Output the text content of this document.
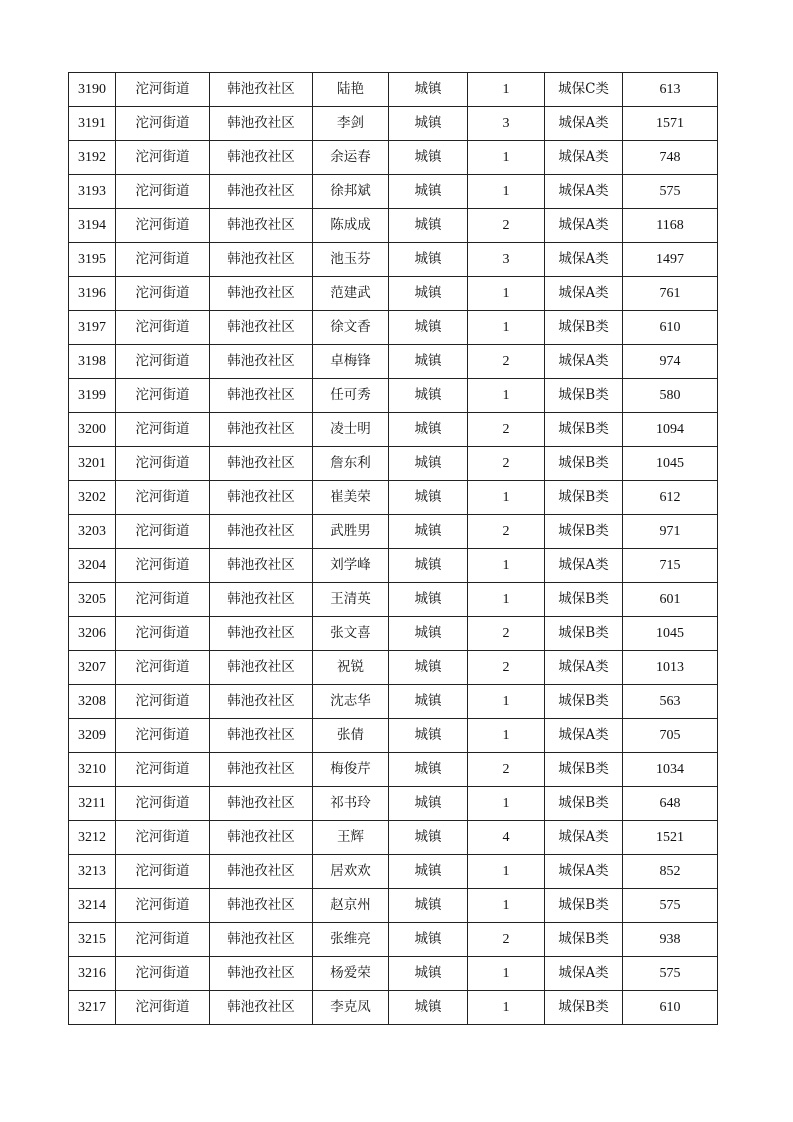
3190	沱河街道	韩池孜社区	陆艳	城镇	1	城保C类	613
3191	沱河街道	韩池孜社区	李剑	城镇	3	城保A类	1571
3192	沱河街道	韩池孜社区	余运春	城镇	1	城保A类	748
3193	沱河街道	韩池孜社区	徐邦斌	城镇	1	城保A类	575
3194	沱河街道	韩池孜社区	陈成成	城镇	2	城保A类	1168
3195	沱河街道	韩池孜社区	池玉芬	城镇	3	城保A类	1497
3196	沱河街道	韩池孜社区	范建武	城镇	1	城保A类	761
3197	沱河街道	韩池孜社区	徐文香	城镇	1	城保B类	610
3198	沱河街道	韩池孜社区	卓梅锋	城镇	2	城保A类	974
3199	沱河街道	韩池孜社区	任可秀	城镇	1	城保B类	580
3200	沱河街道	韩池孜社区	凌士明	城镇	2	城保B类	1094
3201	沱河街道	韩池孜社区	詹东利	城镇	2	城保B类	1045
3202	沱河街道	韩池孜社区	崔美荣	城镇	1	城保B类	612
3203	沱河街道	韩池孜社区	武胜男	城镇	2	城保B类	971
3204	沱河街道	韩池孜社区	刘学峰	城镇	1	城保A类	715
3205	沱河街道	韩池孜社区	王清英	城镇	1	城保B类	601
3206	沱河街道	韩池孜社区	张文喜	城镇	2	城保B类	1045
3207	沱河街道	韩池孜社区	祝锐	城镇	2	城保A类	1013
3208	沱河街道	韩池孜社区	沈志华	城镇	1	城保B类	563
3209	沱河街道	韩池孜社区	张倩	城镇	1	城保A类	705
3210	沱河街道	韩池孜社区	梅俊芹	城镇	2	城保B类	1034
3211	沱河街道	韩池孜社区	祁书玲	城镇	1	城保B类	648
3212	沱河街道	韩池孜社区	王辉	城镇	4	城保A类	1521
3213	沱河街道	韩池孜社区	居欢欢	城镇	1	城保A类	852
3214	沱河街道	韩池孜社区	赵京州	城镇	1	城保B类	575
3215	沱河街道	韩池孜社区	张维亮	城镇	2	城保B类	938
3216	沱河街道	韩池孜社区	杨爱荣	城镇	1	城保A类	575
3217	沱河街道	韩池孜社区	李克凤	城镇	1	城保B类	610
